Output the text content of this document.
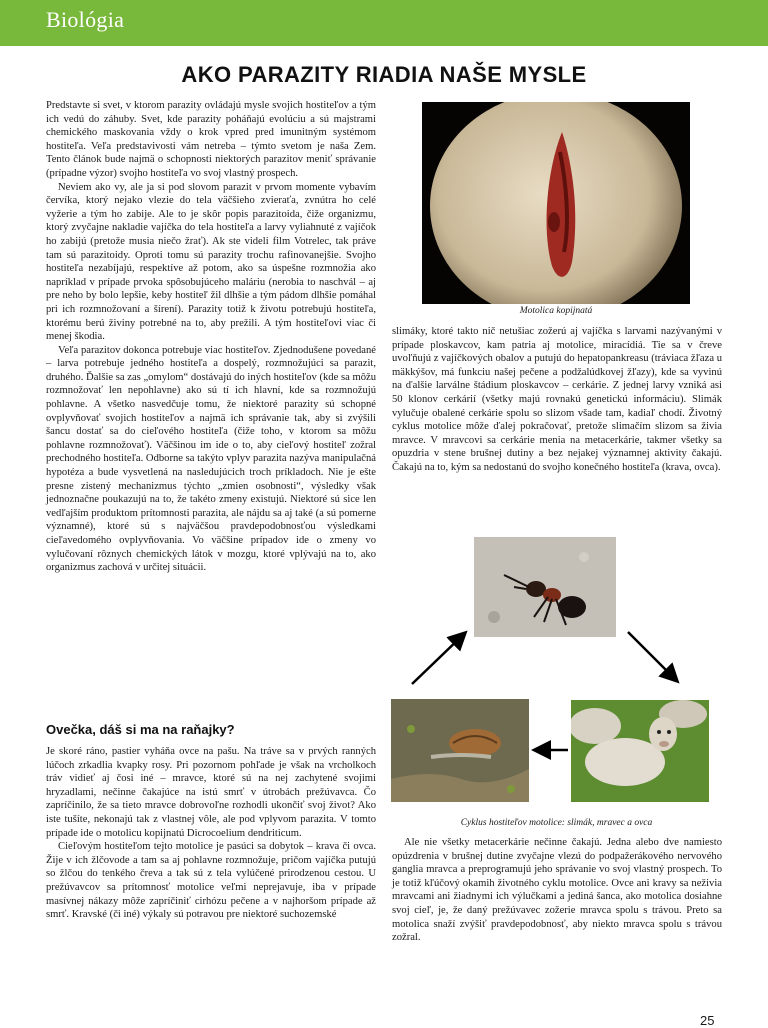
Biológia
AKO PARAZITY RIADIA NAŠE MYSLE

Predstavte si svet, v ktorom parazity ovládajú mysle svojich hostiteľov a tým ich vedú do záhuby. Svet, kde parazity poháňajú evolúciu a sú majstrami chemického maskovania vždy o krok vpred pred imunitným systémom hostiteľa. Veľa predstavivosti vám netreba – týmto svetom je naša Zem. Tento článok bude najmä o schopnosti niektorých parazitov meniť správanie (prípadne výzor) svojho hostiteľa vo svoj vlastný prospech.

Neviem ako vy, ale ja si pod slovom parazit v prvom momente vybavím červíka, ktorý nejako vlezie do tela väčšieho zvieraťa, zvnútra ho celé vyžerie a tým ho zabije. Ale to je skôr popis parazitoida, čiže organizmu, ktorý zvyčajne nakladie vajíčka do tela hostiteľa a larvy vyliahnuté z vajíčok ho zabijú (pretože musia niečo žrať). Ak ste videli film Votrelec, tak práve tam sú parazitoidy. Oproti tomu sú parazity trochu rafinovanejšie. Svojho hostiteľa nezabíjajú, respektíve až potom, ako sa úspešne rozmnožia ako napríklad v prípade prvoka spôsobujúceho maláriu (nerobia to naschvál – aj pre neho by bolo lepšie, keby hostiteľ žil dlhšie a tým pádom dlhšie pomáhal pri ich rozmnožovaní a šírení). Parazity totiž k životu potrebujú hostiteľa, ktorému berú živiny potrebné na to, aby prežili. A tým hostiteľovi viac či menej škodia.

Veľa parazitov dokonca potrebuje viac hostiteľov. Zjednodušene povedané – larva potrebuje jedného hostiteľa a dospelý, rozmnožujúci sa parazit, druhého. Ďalšie sa zas „omylom“ dostávajú do iných hostiteľov (kde sa môžu rozmnožovať len nepohlavne) ako sú tí ich hlavní, kde sa rozmnožujú pohlavne. A všetko nasvedčuje tomu, že niektoré parazity sú schopné ovplyvňovať svojich hostiteľov a najmä ich správanie tak, aby si zvýšili šancu dostať sa do cieľového hostiteľa (čiže toho, v ktorom sa môžu pohlavne rozmnožovať). Väčšinou im ide o to, aby cieľový hostiteľ zožral prechodného hostiteľa. Odborne sa takýto vplyv parazita nazýva manipulačná hypotéza a bude vysvetlená na nasledujúcich troch príkladoch. Nie je ešte presne zistený mechanizmus týchto „zmien osobnosti“, výsledky však jednoznačne poukazujú na to, že takéto zmeny existujú. Niektoré sú sice len vedľajším produktom prítomnosti parazita, ale nájdu sa aj také (a sú pomerne významné), ktoré sú s najväčšou pravdepodobnosťou výsledkami cieľavedomého ovplyvňovania. Vo väčšine prípadov ide o zmeny vo vylučovaní rôznych chemických látok v mozgu, ktoré vplývajú na to, ako organizmus zachová v určitej situácii.

Ovečka, dáš si ma na raňajky?

Je skoré ráno, pastier vyháňa ovce na pašu. Na tráve sa v prvých ranných lúčoch zrkadlia kvapky rosy. Pri pozornom pohľade je však na vrcholkoch tráv vidieť aj čosi iné – mravce, ktoré sú na nej zachytené svojimi hryzadlami, nečinne čakajúce na istú smrť v útrobách prežúvavca. Čo zapríčinilo, že sa tieto mravce dobrovoľne rozhodli ukončiť svoj život? Ako iste tušíte, nekonajú tak z vlastnej vôle, ale pod vplyvom parazita. V tomto prípade ide o motolicu kopijnatú Dicrocoelium dendriticum.

Cieľovým hostiteľom tejto motolice je pasúci sa dobytok – krava či ovca. Žije v ich žlčovode a tam sa aj pohlavne rozmnožuje, pričom vajíčka putujú so žlčou do tenkého čreva a tak sú z tela vylúčené prirodzenou cestou. U prežúvavcov sa prítomnosť motolice veľmi neprejavuje, iba v prípade masívnej nákazy môže zapríčiniť cirhózu pečene a v najhoršom prípade až smrť. Kravské (či iné) výkaly sú potravou pre niektoré suchozemské

Motolica kopijnatá

slimáky, ktoré takto nič netušiac zožerú aj vajíčka s larvami nazývanými v prípade ploskavcov, kam patria aj motolice, miracídiá. Tie sa v čreve uvoľňujú z vajíčkových obalov a putujú do hepatopankreasu (tráviaca žľaza u mäkkýšov, má funkciu našej pečene a podžalúdkovej žľazy), kde sa vyvinú na ďalšie larválne štádium ploskavcov – cerkárie. Z jednej larvy vzniká asi 50 klonov cerkárií (všetky majú rovnakú genetickú informáciu). Slimák vylučuje obalené cerkárie spolu so slizom všade tam, kadiaľ chodí. Životný cyklus motolice môže ďalej pokračovať, pretože slimačím slizom sa živia mravce. V mravcovi sa cerkárie menia na metacerkárie, takmer všetky sa opuzdria v stene brušnej dutiny a bez nejakej významnej aktivity čakajú. Čakajú na to, kým sa nedostanú do svojho konečného hostiteľa (krava, ovca).

Cyklus hostiteľov motolice: slimák, mravec a ovca

Ale nie všetky metacerkárie nečinne čakajú. Jedna alebo dve namiesto opúzdrenia v brušnej dutine zvyčajne vlezú do podpažerákového nervového ganglia mravca a preprogramujú jeho správanie vo svoj vlastný prospech. To je totiž kľúčový okamih životného cyklu motolice. Ovce ani kravy sa neživia mravcami ani žiadnymi ich výlučkami a jediná šanca, ako motolica dosiahne svoj cieľ, je, že daný prežúvavec zožerie mravca spolu s trávou. Preto sa motolica snaží zvýšiť pravdepodobnosť, aby niekto mravca spolu s trávou zožral.

25
